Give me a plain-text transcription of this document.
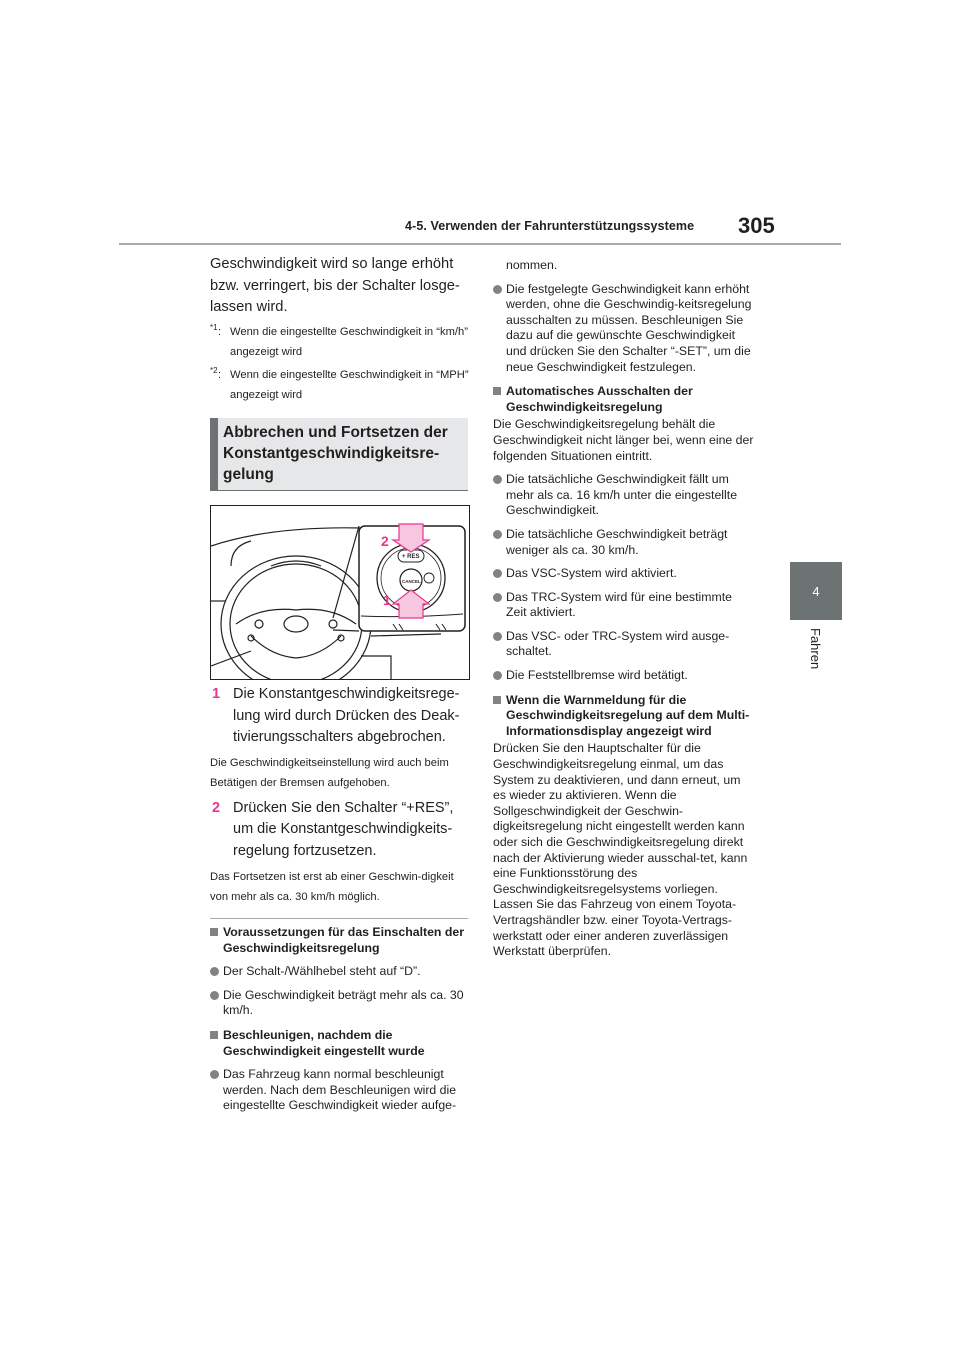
4-5. Verwenden der Fahrunterstützungssysteme 305
4
Fahren

Geschwindigkeit wird so lange erhöht bzw. verringert, bis der Schalter losge-lassen wird.

*1 : Wenn die eingestellte Geschwindigkeit in “km/h” angezeigt wird
*2 : Wenn die eingestellte Geschwindigkeit in “MPH” angezeigt wird
Abbrechen und Fortsetzen der Konstantgeschwindigkeitsre-gelung
2
1
+ RES
CANCEL
1 Die Konstantgeschwindigkeitsrege-lung wird durch Drücken des Deak-tivierungsschalters abgebrochen.
Die Geschwindigkeitseinstellung wird auch beim Betätigen der Bremsen aufgehoben.
2 Drücken Sie den Schalter “+RES”, um die Konstantgeschwindigkeits-regelung fortzusetzen.
Das Fortsetzen ist erst ab einer Geschwin-digkeit von mehr als ca. 30 km/h möglich.
Voraussetzungen für das Einschalten der Geschwindigkeitsregelung
Der Schalt-/Wählhebel steht auf “D”.
Die Geschwindigkeit beträgt mehr als ca. 30 km/h.
Beschleunigen, nachdem die Geschwindigkeit eingestellt wurde
Das Fahrzeug kann normal beschleunigt werden. Nach dem Beschleunigen wird die eingestellte Geschwindigkeit wieder aufge-
nommen.
Die festgelegte Geschwindigkeit kann erhöht werden, ohne die Geschwindig-keitsregelung ausschalten zu müssen. Beschleunigen Sie dazu auf die gewünschte Geschwindigkeit und drücken Sie den Schalter “-SET”, um die neue Geschwindigkeit festzulegen.
Automatisches Ausschalten der Geschwindigkeitsregelung

Die Geschwindigkeitsregelung behält die Geschwindigkeit nicht länger bei, wenn eine der folgenden Situationen eintritt.

Die tatsächliche Geschwindigkeit fällt um mehr als ca. 16 km/h unter die eingestellte Geschwindigkeit.
Die tatsächliche Geschwindigkeit beträgt weniger als ca. 30 km/h.
Das VSC-System wird aktiviert.
Das TRC-System wird für eine bestimmte Zeit aktiviert.
Das VSC- oder TRC-System wird ausge-schaltet.
Die Feststellbremse wird betätigt.
Wenn die Warnmeldung für die Geschwindigkeitsregelung auf dem Multi-Informationsdisplay angezeigt wird

Drücken Sie den Hauptschalter für die Geschwindigkeitsregelung einmal, um das System zu deaktivieren, und dann erneut, um es wieder zu aktivieren. Wenn die Sollgeschwindigkeit der Geschwin-digkeitsregelung nicht eingestellt werden kann oder sich die Geschwindigkeitsregelung direkt nach der Aktivierung wieder ausschal-tet, kann eine Funktionsstörung des Geschwindigkeitsregelsystems vorliegen. Lassen Sie das Fahrzeug von einem Toyota-Vertragshändler bzw. einer Toyota-Vertrags-werkstatt oder einer anderen zuverlässigen Werkstatt überprüfen.
